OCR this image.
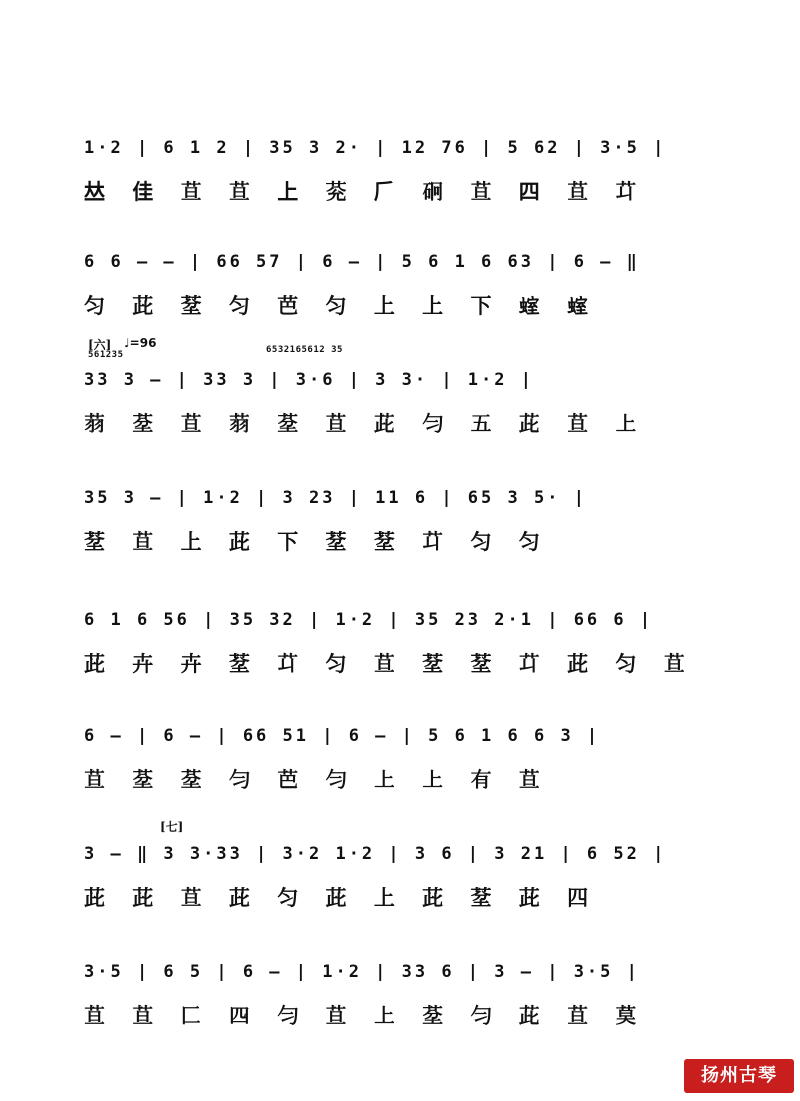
1·2 | 6 1 2 | 35 3 2· | 12 76 | 5 62 | 3·5 |
𠀤 佳 𦬹 𦬹 上 𦮀 𠂆 𥑎 𦬹 四 𦬹 𦫶
6 6 — — | 66 57 | 6 — | 5 6 1 6 63 | 6 — ‖
匀 茈 𦯀 匀 芭 匀 上 上 下 𧍱 𧍱
[六] ♩=96
561235	6532165612 35
33 3 — | 33 3 | 3·6 | 3 3· | 1·2 |
𦭳 𦯀 𦬹 𦭳 𦯀 𦬹 茈 匀 五 茈 𦬹 上
35 3 — | 1·2 | 3 23 | 11 6 | 65 3 5· |
𦯀 𦬹 上 茈 下 𦯀 𦯀 𦫶 匀 匀
6 1 6 56 | 35 32 | 1·2 | 35 23 2·1 | 66 6 |
茈 卉 卉 𦯀 𦫶 匀 𦬹 𦯀 𦯀 𦫶 茈 匀 𦬹
6 — | 6 — | 66 51 | 6 — | 5 6 1 6 6 3 |
𦬹 𦯀 𦯀 匀 芭 匀 上 上 有 𦬹
[七]
3 — ‖ 3 3·33 | 3·2 1·2 | 3 6 | 3 21 | 6 52 |
茈 茈 𦬹 茈 匀 茈 上 茈 𦯀 茈 四
3·5 | 6 5 | 6 — | 1·2 | 33 6 | 3 — | 3·5 |
𦬹 𦬹 匚 四 匀 𦬹 上 𦯀 匀 茈 𦬹 莫
扬州古琴
